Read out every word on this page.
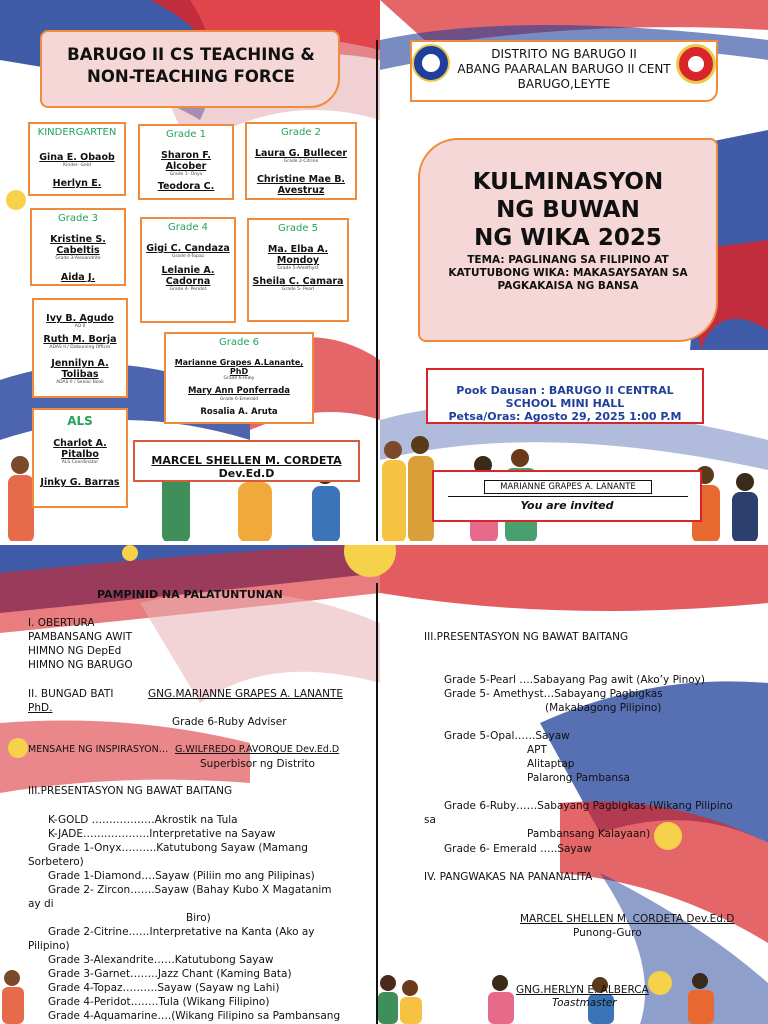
BARUGO II CS TEACHING &
NON-TEACHING FORCE
KINDERGARTEN
Gina E. Obaob
Kinder- Gold
Herlyn E.
Grade 1
Sharon F. Alcober
Grade 1- Onyx
Teodora C.
Grade 2
Laura G. Bullecer
Grade 2-Citrine
Christine Mae B. Avestruz
Grade 3
Kristine S. Cabeltis
Grade 3-Alexandrite
Aida J.
Grade 4
Gigi C. Candaza
Grade 4-Topaz
Lelanie A. Cadorna
Grade 4- Peridot
Grade 5
Ma. Elba A. Mondoy
Grade 5-Amethyst
Sheila C. Camara
Grade 5- Pearl
Ivy B. Agudo
AO II
Ruth M. Borja
ADAS II / Disbursing Officer
Jennilyn A. Tolibas
ADAS II / Senior Book
Grade 6
Marianne Grapes A.Lanante, PhD
Grade 6-Ruby
Mary Ann Ponferrada
Grade 6-Emerald
Rosalia A. Aruta
ALS
Charlot A. Pitalbo
ALS Coordinator
Jinky G. Barras
MARCEL SHELLEN M. CORDETA
Dev.Ed.D
DISTRITO NG BARUGO II
ABANG PAARALAN BARUGO II CENT
BARUGO,LEYTE
KULMINASYON
NG BUWAN
NG WIKA 2025
TEMA: PAGLINANG SA FILIPINO AT
KATUTUBONG WIKA: MAKASAYSAYAN SA
PAGKAKAISA NG BANSA
Pook Dausan : BARUGO II CENTRAL
SCHOOL MINI HALL
Petsa/Oras: Agosto 29, 2025 1:00 P.M
MARIANNE GRAPES A. LANANTE
You are invited
PAMPINID NA PALATUNTUNAN
I. OBERTURA
PAMBANSANG AWIT
HIMNO NG DepEd
HIMNO NG BARUGO
II. BUNGAD BATI
PhD.
Grade 6-Ruby Adviser
Superbisor ng Distrito
III.PRESENTASYON NG BAWAT BAITANG
K-GOLD ………………Akrostik na Tula
K-JADE……………….Interpretative na Sayaw
Grade 1-Onyx……….Katutubong Sayaw (Mamang
Sorbetero)
Grade 1-Diamond….Sayaw (Piliin mo ang Pilipinas)
Grade 2- Zircon…….Sayaw (Bahay Kubo X Magatanim
ay di
Biro)
Grade 2-Citrine……Interpretative na Kanta (Ako ay
Pilipino)
Grade 3-Alexandrite……Katutubong Sayaw
Grade 3-Garnet……..Jazz Chant (Kaming Bata)
Grade 4-Topaz……….Sayaw (Sayaw ng Lahi)
Grade 4-Peridot……..Tula (Wikang Filipino)
Grade 4-Aquamarine….(Wikang Filipino sa Pambansang
GNG.MARIANNE GRAPES A. LANANTE
MENSAHE NG INSPIRASYON… G.WILFREDO P.AVORQUE Dev.Ed.D
III.PRESENTASYON NG BAWAT BAITANG
Grade 5-Pearl ….Sabayang Pag awit (Ako’y Pinoy)
Grade 5- Amethyst…Sabayang Pagbigkas
(Makabagong Pilipino)
Grade 5-Opal……Sayaw
APT
Alitaptap
Palarong Pambansa
Grade 6-Ruby……Sabayang Pagbigkas (Wikang Pilipino
sa
Pambansang Kalayaan)
Grade 6- Emerald …..Sayaw
IV. PANGWAKAS NA PANANALITA
MARCEL SHELLEN M. CORDETA Dev.Ed.D
Punong-Guro
GNG.HERLYN E. ALBERCA
Toastmaster
